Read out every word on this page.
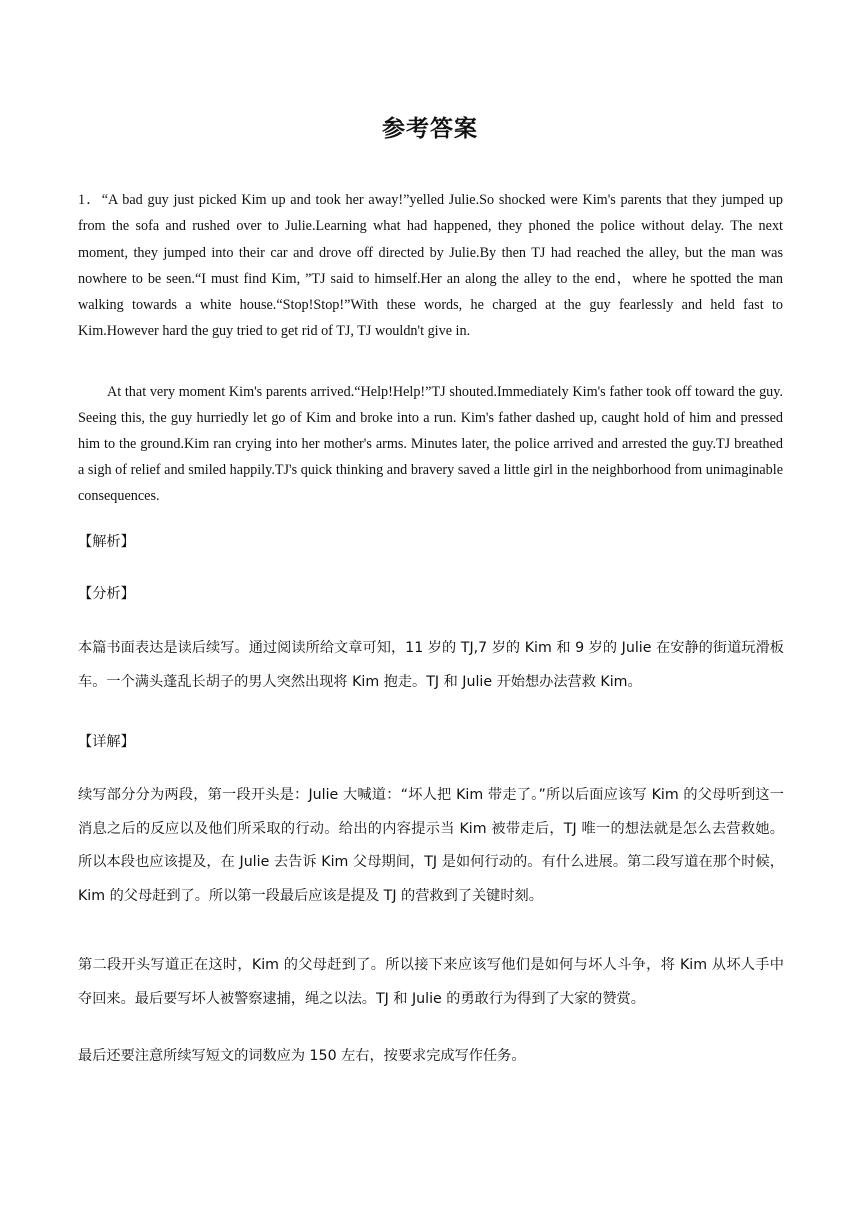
参考答案

1．“A bad guy just picked Kim up and took her away!”yelled Julie.So shocked were Kim's parents that they jumped up from the sofa and rushed over to Julie.Learning what had happened, they phoned the police without delay. The next moment, they jumped into their car and drove off directed by Julie.By then TJ had reached the alley, but the man was nowhere to be seen.“I must find Kim, ”TJ said to himself.Her an along the alley to the end，where he spotted the man walking towards a white house.“Stop!Stop!”With these words, he charged at the guy fearlessly and held fast to Kim.However hard the guy tried to get rid of TJ, TJ wouldn't give in.

At that very moment Kim's parents arrived.“Help!Help!”TJ shouted.Immediately Kim's father took off toward the guy. Seeing this, the guy hurriedly let go of Kim and broke into a run. Kim's father dashed up, caught hold of him and pressed him to the ground.Kim ran crying into her mother's arms. Minutes later, the police arrived and arrested the guy.TJ breathed a sigh of relief and smiled happily.TJ's quick thinking and bravery saved a little girl in the neighborhood from unimaginable consequences.

【解析】
【分析】

本篇书面表达是读后续写。通过阅读所给文章可知，11 岁的 TJ,7 岁的 Kim 和 9 岁的 Julie 在安静的街道玩滑板车。一个满头蓬乱长胡子的男人突然出现将 Kim 抱走。TJ 和 Julie 开始想办法营救 Kim。

【详解】

续写部分分为两段，第一段开头是：Julie 大喊道：“坏人把 Kim 带走了。”所以后面应该写 Kim 的父母听到这一消息之后的反应以及他们所采取的行动。给出的内容提示当 Kim 被带走后，TJ 唯一的想法就是怎么去营救她。所以本段也应该提及，在 Julie 去告诉 Kim 父母期间，TJ 是如何行动的。有什么进展。第二段写道在那个时候，Kim 的父母赶到了。所以第一段最后应该是提及 TJ 的营救到了关键时刻。

第二段开头写道正在这时，Kim 的父母赶到了。所以接下来应该写他们是如何与坏人斗争，将 Kim 从坏人手中夺回来。最后要写坏人被警察逮捕，绳之以法。TJ 和 Julie 的勇敢行为得到了大家的赞赏。

最后还要注意所续写短文的词数应为 150 左右，按要求完成写作任务。
